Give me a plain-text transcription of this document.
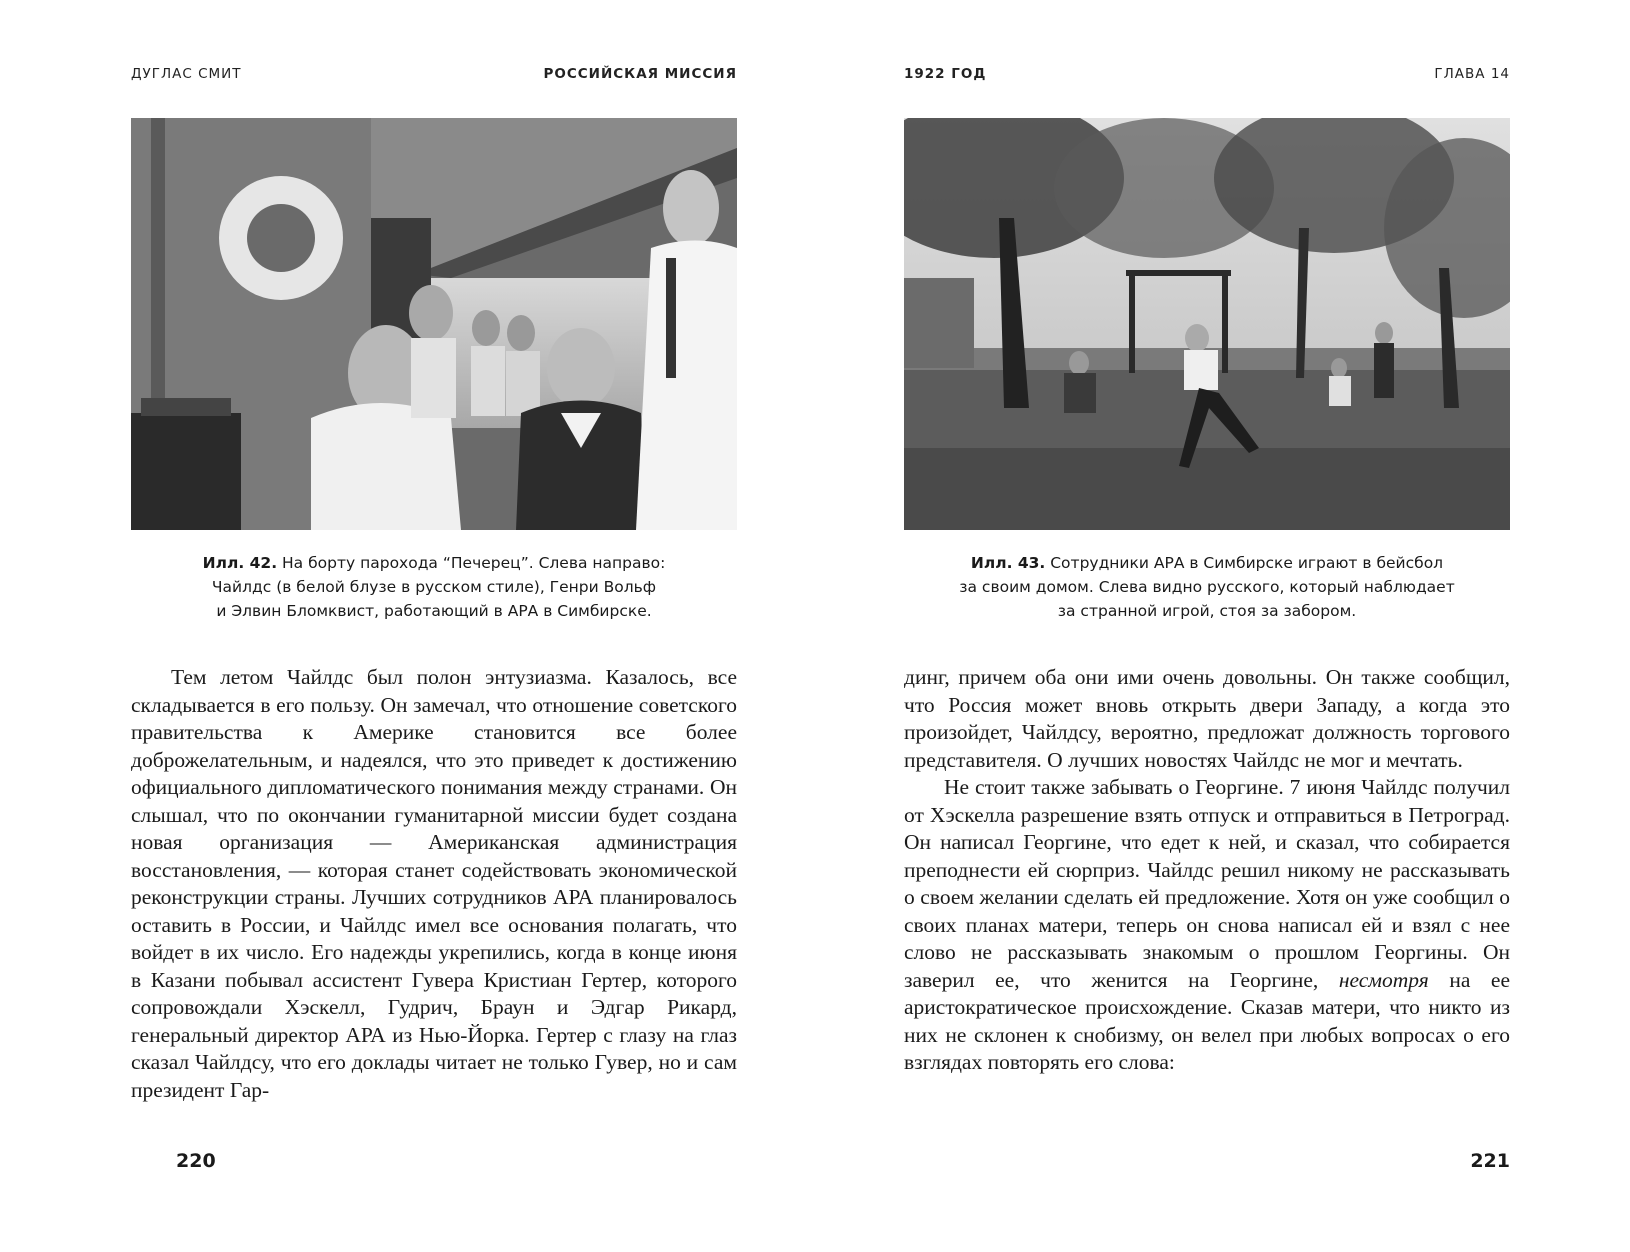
ДУГЛАС СМИТ	РОССИЙСКАЯ МИССИЯ
Илл. 42. На борту парохода “Печерец”. Слева направо:
Чайлдс (в белой блузе в русском стиле), Генри Вольф
и Элвин Бломквист, работающий в АРА в Симбирске.

Тем летом Чайлдс был полон энтузиазма. Казалось, все складывается в его пользу. Он замечал, что отношение советского правительства к Америке становится все более доброжелательным, и надеялся, что это приведет к достижению официального дипломатического понимания между странами. Он слышал, что по окончании гуманитарной миссии будет создана новая организация — Американская администрация восстановления, — которая станет содействовать экономической реконструкции страны. Лучших сотрудников АРА планировалось оставить в России, и Чайлдс имел все основания полагать, что войдет в их число. Его надежды укрепились, когда в конце июня в Казани побывал ассистент Гувера Кристиан Гертер, которого сопровождали Хэскелл, Гудрич, Браун и Эдгар Рикард, генеральный директор АРА из Нью-Йорка. Гертер с глазу на глаз сказал Чайлдсу, что его доклады читает не только Гувер, но и сам президент Гар-

220
1922 ГОД	ГЛАВА 14
Илл. 43. Сотрудники АРА в Симбирске играют в бейсбол
за своим домом. Слева видно русского, который наблюдает
за странной игрой, стоя за забором.

динг, причем оба они ими очень довольны. Он также сообщил, что Россия может вновь открыть двери Западу, а когда это произойдет, Чайлдсу, вероятно, предложат должность торгового представителя. О лучших новостях Чайлдс не мог и мечтать.

Не стоит также забывать о Георгине. 7 июня Чайлдс получил от Хэскелла разрешение взять отпуск и отправиться в Петроград. Он написал Георгине, что едет к ней, и сказал, что собирается преподнести ей сюрприз. Чайлдс решил никому не рассказывать о своем желании сделать ей предложение. Хотя он уже сообщил о своих планах матери, теперь он снова написал ей и взял с нее слово не рассказывать знакомым о прошлом Георгины. Он заверил ее, что женится на Георгине, несмотря на ее аристократическое происхождение. Сказав матери, что никто из них не склонен к снобизму, он велел при любых вопросах о его взглядах повторять его слова:

221
